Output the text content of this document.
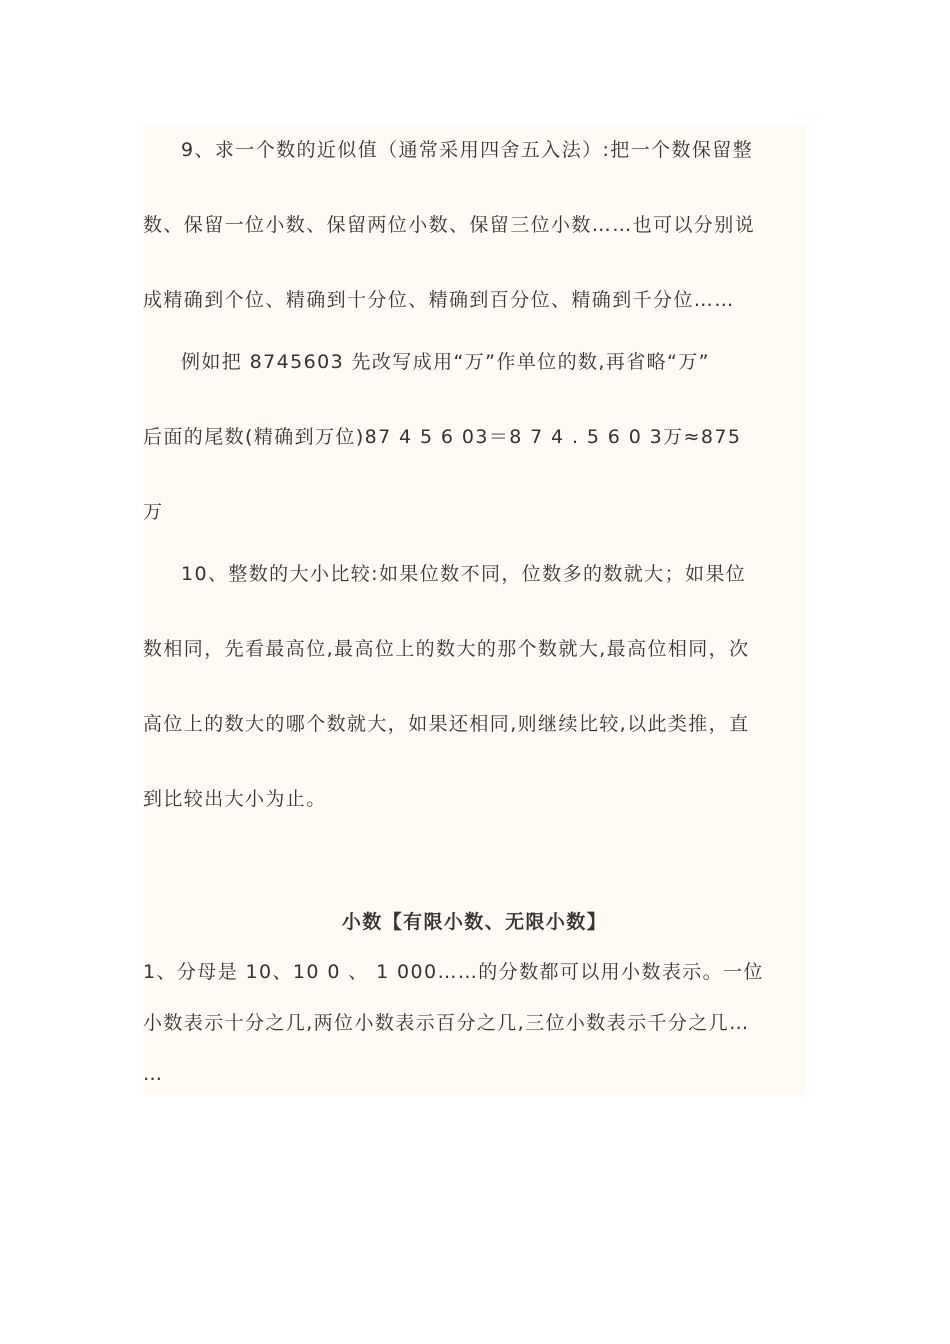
9、求一个数的近似值（通常采用四舍五入法）:把一个数保留整
数、保留一位小数、保留两位小数、保留三位小数……也可以分别说
成精确到个位、精确到十分位、精确到百分位、精确到千分位……
例如把 8745603 先改写成用“万”作单位的数,再省略“万”
后面的尾数(精确到万位)87 4 5 6 03＝8 7 4 . 5 6 0 3万≈875
万
10、整数的大小比较:如果位数不同，位数多的数就大；如果位
数相同，先看最高位,最高位上的数大的那个数就大,最高位相同，次
高位上的数大的哪个数就大，如果还相同,则继续比较,以此类推，直
到比较出大小为止。
小数【有限小数、无限小数】
1、分母是 10、10 0 、 1 000……的分数都可以用小数表示。一位
小数表示十分之几,两位小数表示百分之几,三位小数表示千分之几…
…
